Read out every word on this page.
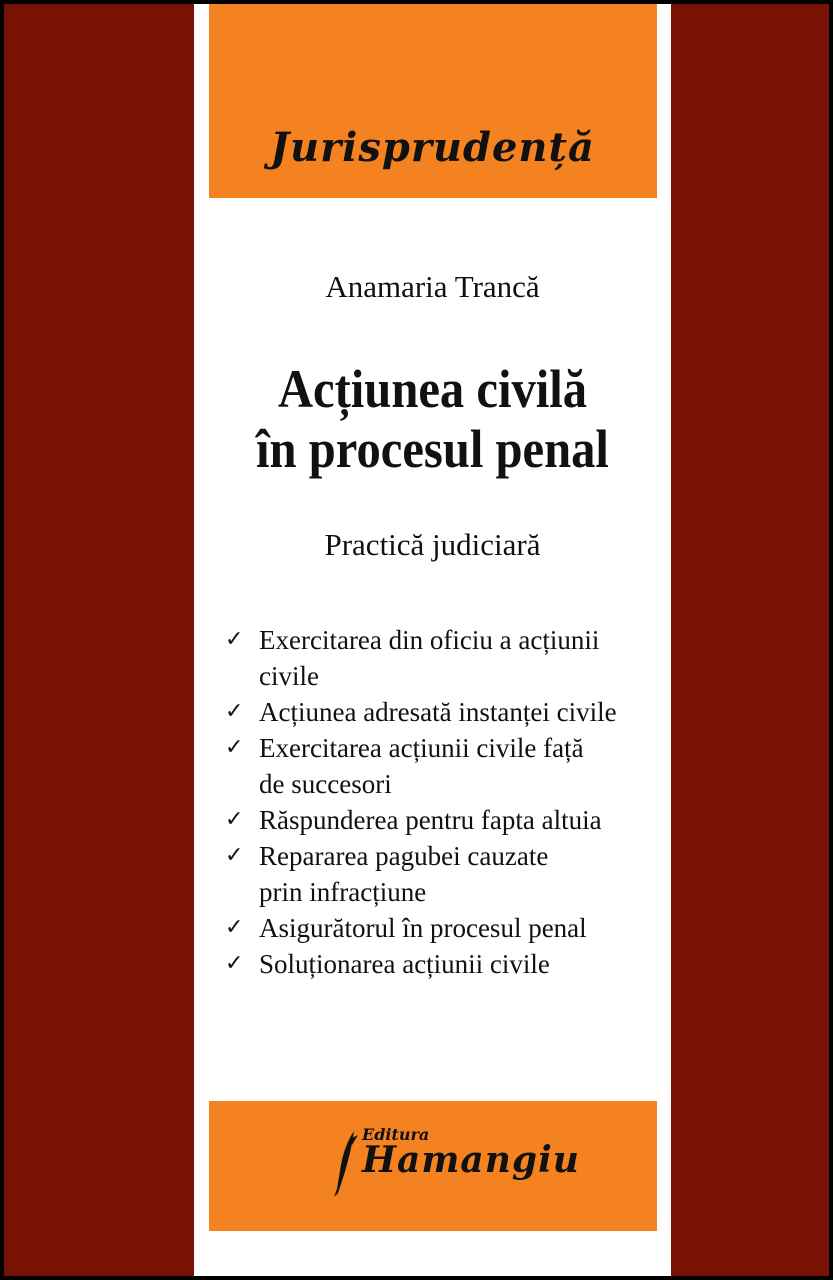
Jurisprudență
Anamaria Trancă
Acțiunea civilă
în procesul penal
Practică judiciară
✓ Exercitarea din oficiu a acțiunii
civile
✓ Acțiunea adresată instanței civile
✓ Exercitarea acțiunii civile față
de succesori
✓ Răspunderea pentru fapta altuia
✓ Repararea pagubei cauzate
prin infracțiune
✓ Asigurătorul în procesul penal
✓ Soluționarea acțiunii civile
Editura
Hamangiu
